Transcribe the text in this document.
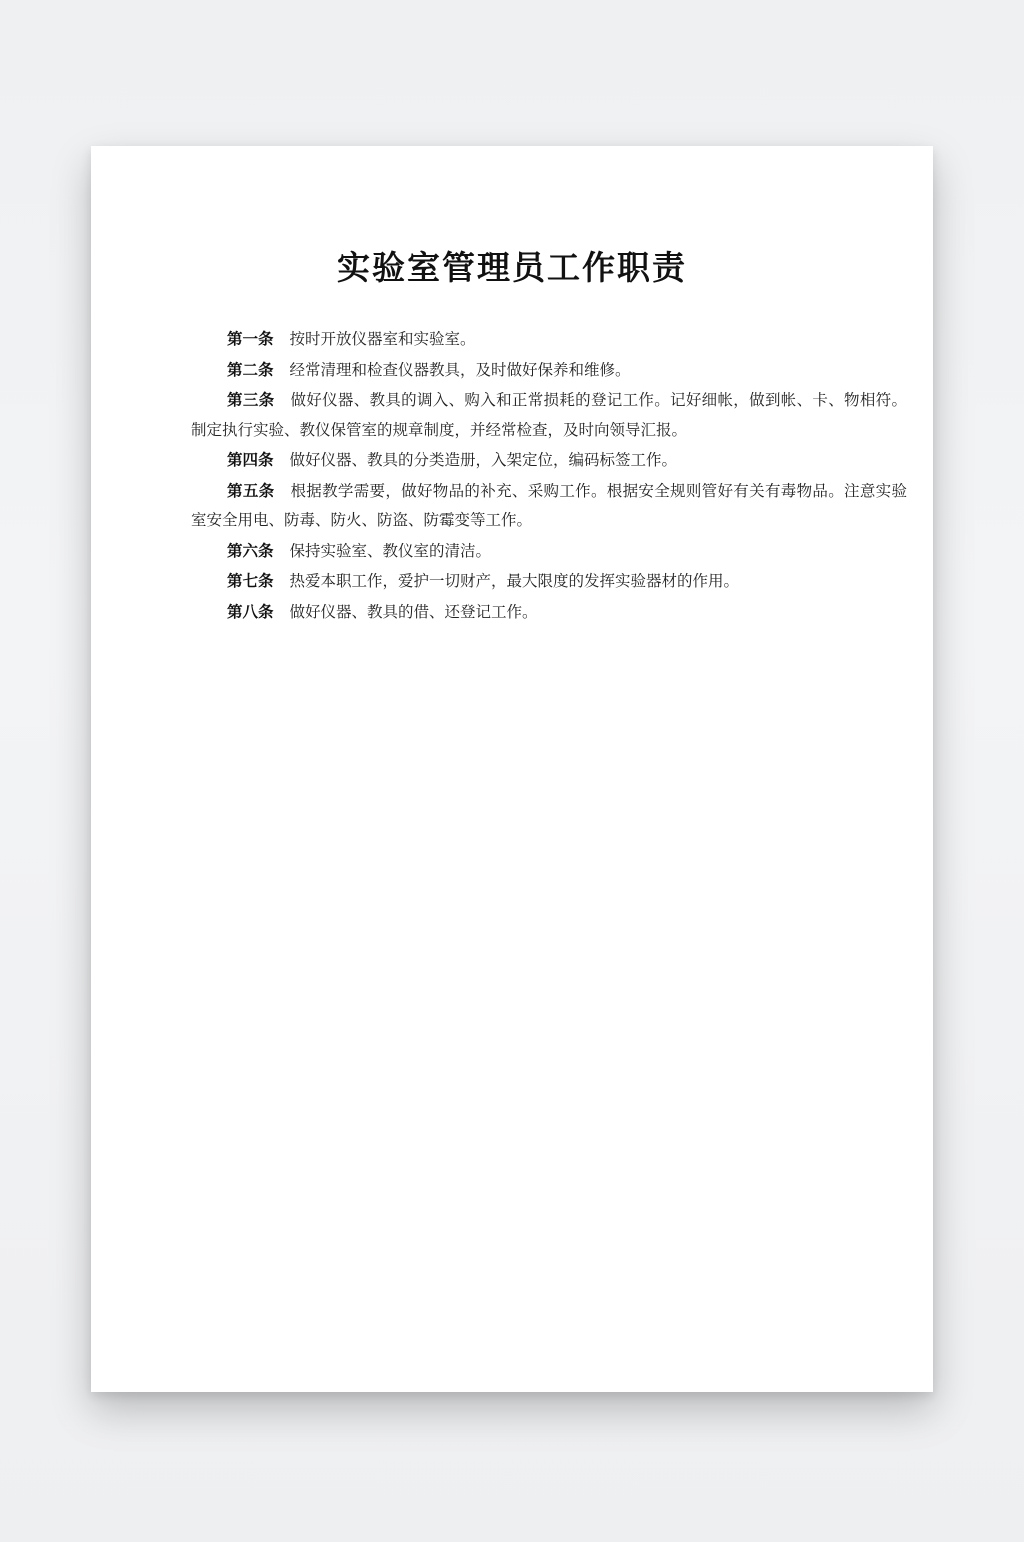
实验室管理员工作职责

第一条 按时开放仪器室和实验室。

第二条 经常清理和检查仪器教具，及时做好保养和维修。

第三条 做好仪器、教具的调入、购入和正常损耗的登记工作。记好细帐，做到帐、卡、物相符。制定执行实验、教仪保管室的规章制度，并经常检查，及时向领导汇报。

第四条 做好仪器、教具的分类造册，入架定位，编码标签工作。

第五条 根据教学需要，做好物品的补充、采购工作。根据安全规则管好有关有毒物品。注意实验室安全用电、防毒、防火、防盗、防霉变等工作。

第六条 保持实验室、教仪室的清洁。

第七条 热爱本职工作，爱护一切财产，最大限度的发挥实验器材的作用。

第八条 做好仪器、教具的借、还登记工作。
